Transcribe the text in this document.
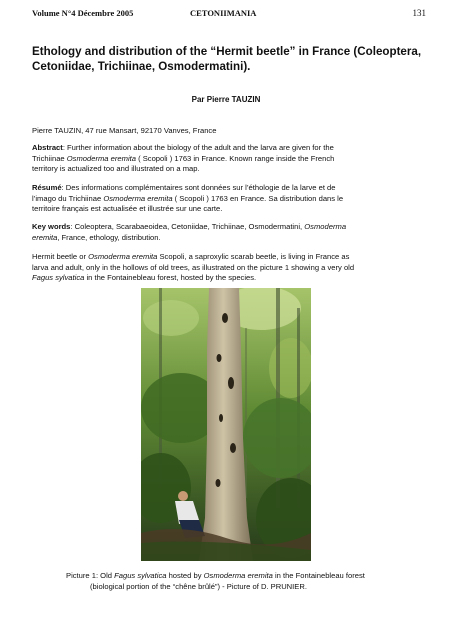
Volume N°4 Décembre 2005	CETONIIMANIA	131
Ethology and distribution of the “Hermit beetle” in France (Coleoptera,
Cetoniidae, Trichiinae, Osmodermatini).
Par Pierre TAUZIN

Pierre TAUZIN, 47 rue Mansart, 92170 Vanves, France

Abstract: Further information about the biology of the adult and the larva are given for the
Trichiinae Osmoderma eremita ( Scopoli ) 1763 in France. Known range inside the French
territory is actualized too and illustrated on a map.

Résumé: Des informations complémentaires sont données sur l’éthologie de la larve et de
l’imago du Trichiinae Osmoderma eremita ( Scopoli ) 1763 en France. Sa distribution dans le
territoire français est actualisée et illustrée sur une carte.

Key words: Coleoptera, Scarabaeoidea, Cetoniidae, Trichiinae, Osmodermatini, Osmoderma
eremita, France, ethology, distribution.

Hermit beetle or Osmoderma eremita Scopoli, a saproxylic scarab beetle, is living in France as
larva and adult, only in the hollows of old trees, as illustrated on the picture 1 showing a very old
Fagus sylvatica in the Fontainebleau forest, hosted by the species.

Picture 1: Old Fagus sylvatica hosted by Osmoderma eremita in the Fontainebleau forest
(biological portion of the “chêne brûlé”) - Picture of D. PRUNIER.
